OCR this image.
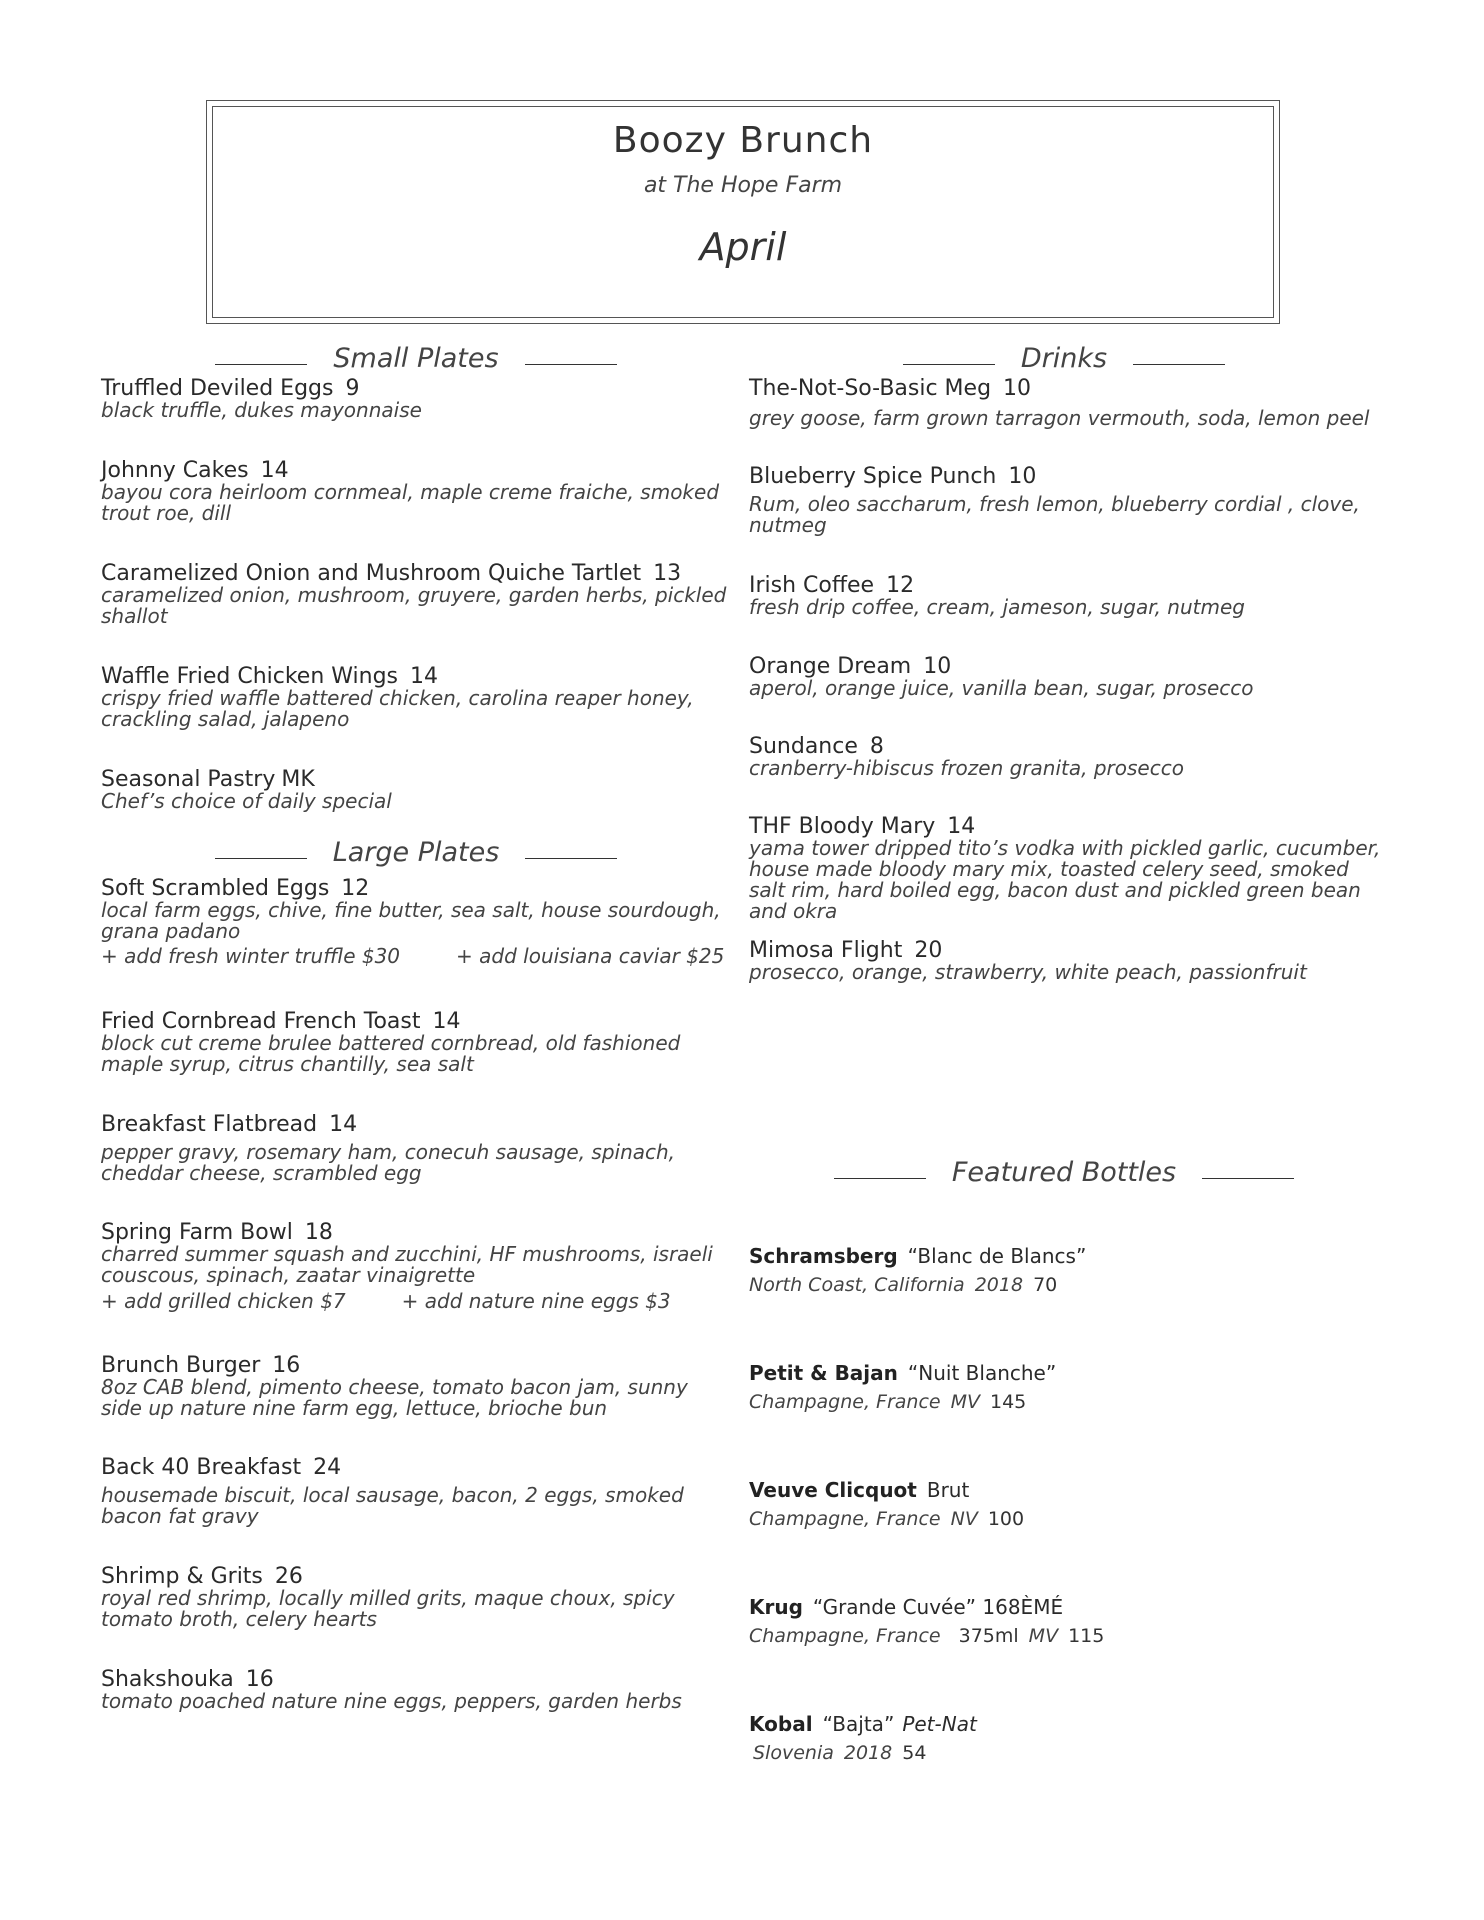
Boozy Brunch
at The Hope Farm
April
Small Plates
Large Plates
Drinks
Featured Bottles
Truffled Deviled Eggs 9
black truffle, dukes mayonnaise
Johnny Cakes 14
bayou cora heirloom cornmeal, maple creme fraiche, smoked trout roe, dill
Caramelized Onion and Mushroom Quiche Tartlet 13
caramelized onion, mushroom, gruyere, garden herbs, pickled shallot
Waffle Fried Chicken Wings 14
crispy fried waffle battered chicken, carolina reaper honey, crackling salad, jalapeno
Seasonal Pastry MK
Chef’s choice of daily special
Soft Scrambled Eggs 12
local farm eggs, chive, fine butter, sea salt, house sourdough, grana padano
+ add fresh winter truffle $30	+ add louisiana caviar $25
Fried Cornbread French Toast 14
block cut creme brulee battered cornbread, old fashioned maple syrup, citrus chantilly, sea salt
Breakfast Flatbread 14
pepper gravy, rosemary ham, conecuh sausage, spinach, cheddar cheese, scrambled egg
Spring Farm Bowl 18
charred summer squash and zucchini, HF mushrooms, israeli couscous, spinach, zaatar vinaigrette
+ add grilled chicken $7	+ add nature nine eggs $3
Brunch Burger 16
8oz CAB blend, pimento cheese, tomato bacon jam, sunny side up nature nine farm egg, lettuce, brioche bun
Back 40 Breakfast 24
housemade biscuit, local sausage, bacon, 2 eggs, smoked bacon fat gravy
Shrimp & Grits 26
royal red shrimp, locally milled grits, maque choux, spicy tomato broth, celery hearts
Shakshouka 16
tomato poached nature nine eggs, peppers, garden herbs
The-Not-So-Basic Meg 10
grey goose, farm grown tarragon vermouth, soda, lemon peel
Blueberry Spice Punch 10
Rum, oleo saccharum, fresh lemon, blueberry cordial , clove, nutmeg
Irish Coffee 12
fresh drip coffee, cream, jameson, sugar, nutmeg
Orange Dream 10
aperol, orange juice, vanilla bean, sugar, prosecco
Sundance 8
cranberry-hibiscus frozen granita, prosecco
THF Bloody Mary 14
yama tower dripped tito’s vodka with pickled garlic, cucumber, house made bloody mary mix, toasted celery seed, smoked salt rim, hard boiled egg, bacon dust and pickled green bean and okra
Mimosa Flight 20
prosecco, orange, strawberry, white peach, passionfruit
Schramsberg “Blanc de Blancs”
North Coast, California 2018 70
Petit & Bajan “Nuit Blanche”
Champagne, France MV 145
Veuve Clicquot Brut
Champagne, France NV 100
Krug “Grande Cuvée” 168ÈMÉ
Champagne, France 375ml MV 115
Kobal “Bajta” Pet-Nat
Slovenia 2018 54
